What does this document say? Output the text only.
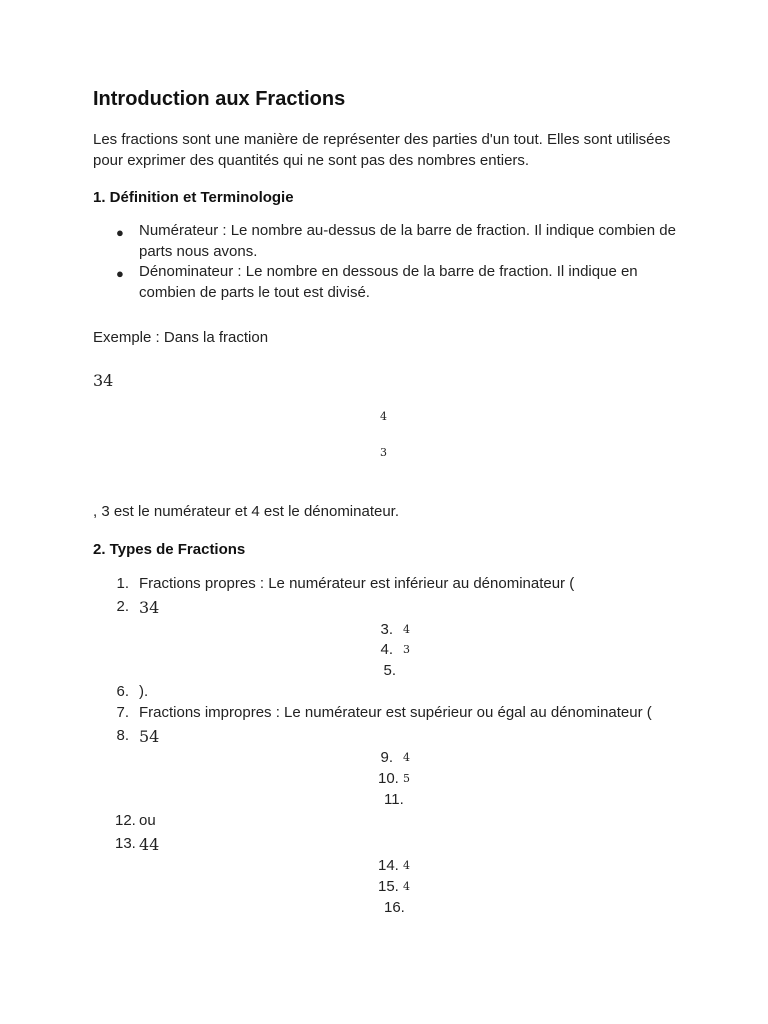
Introduction aux Fractions
Les fractions sont une manière de représenter des parties d'un tout. Elles sont utilisées pour exprimer des quantités qui ne sont pas des nombres entiers.
1. Définition et Terminologie
● Numérateur : Le nombre au-dessus de la barre de fraction. Il indique combien de parts nous avons.
● Dénominateur : Le nombre en dessous de la barre de fraction. Il indique en combien de parts le tout est divisé.
Exemple : Dans la fraction
34
4
3
, 3 est le numérateur et 4 est le dénominateur.
2. Types de Fractions
1. Fractions propres : Le numérateur est inférieur au dénominateur (
2. 34
3. 4
4. 3
5.
6. ).
7. Fractions impropres : Le numérateur est supérieur ou égal au dénominateur (
8. 54
9. 4
10. 5
11.
12. ou
13. 44
14. 4
15. 4
16.
